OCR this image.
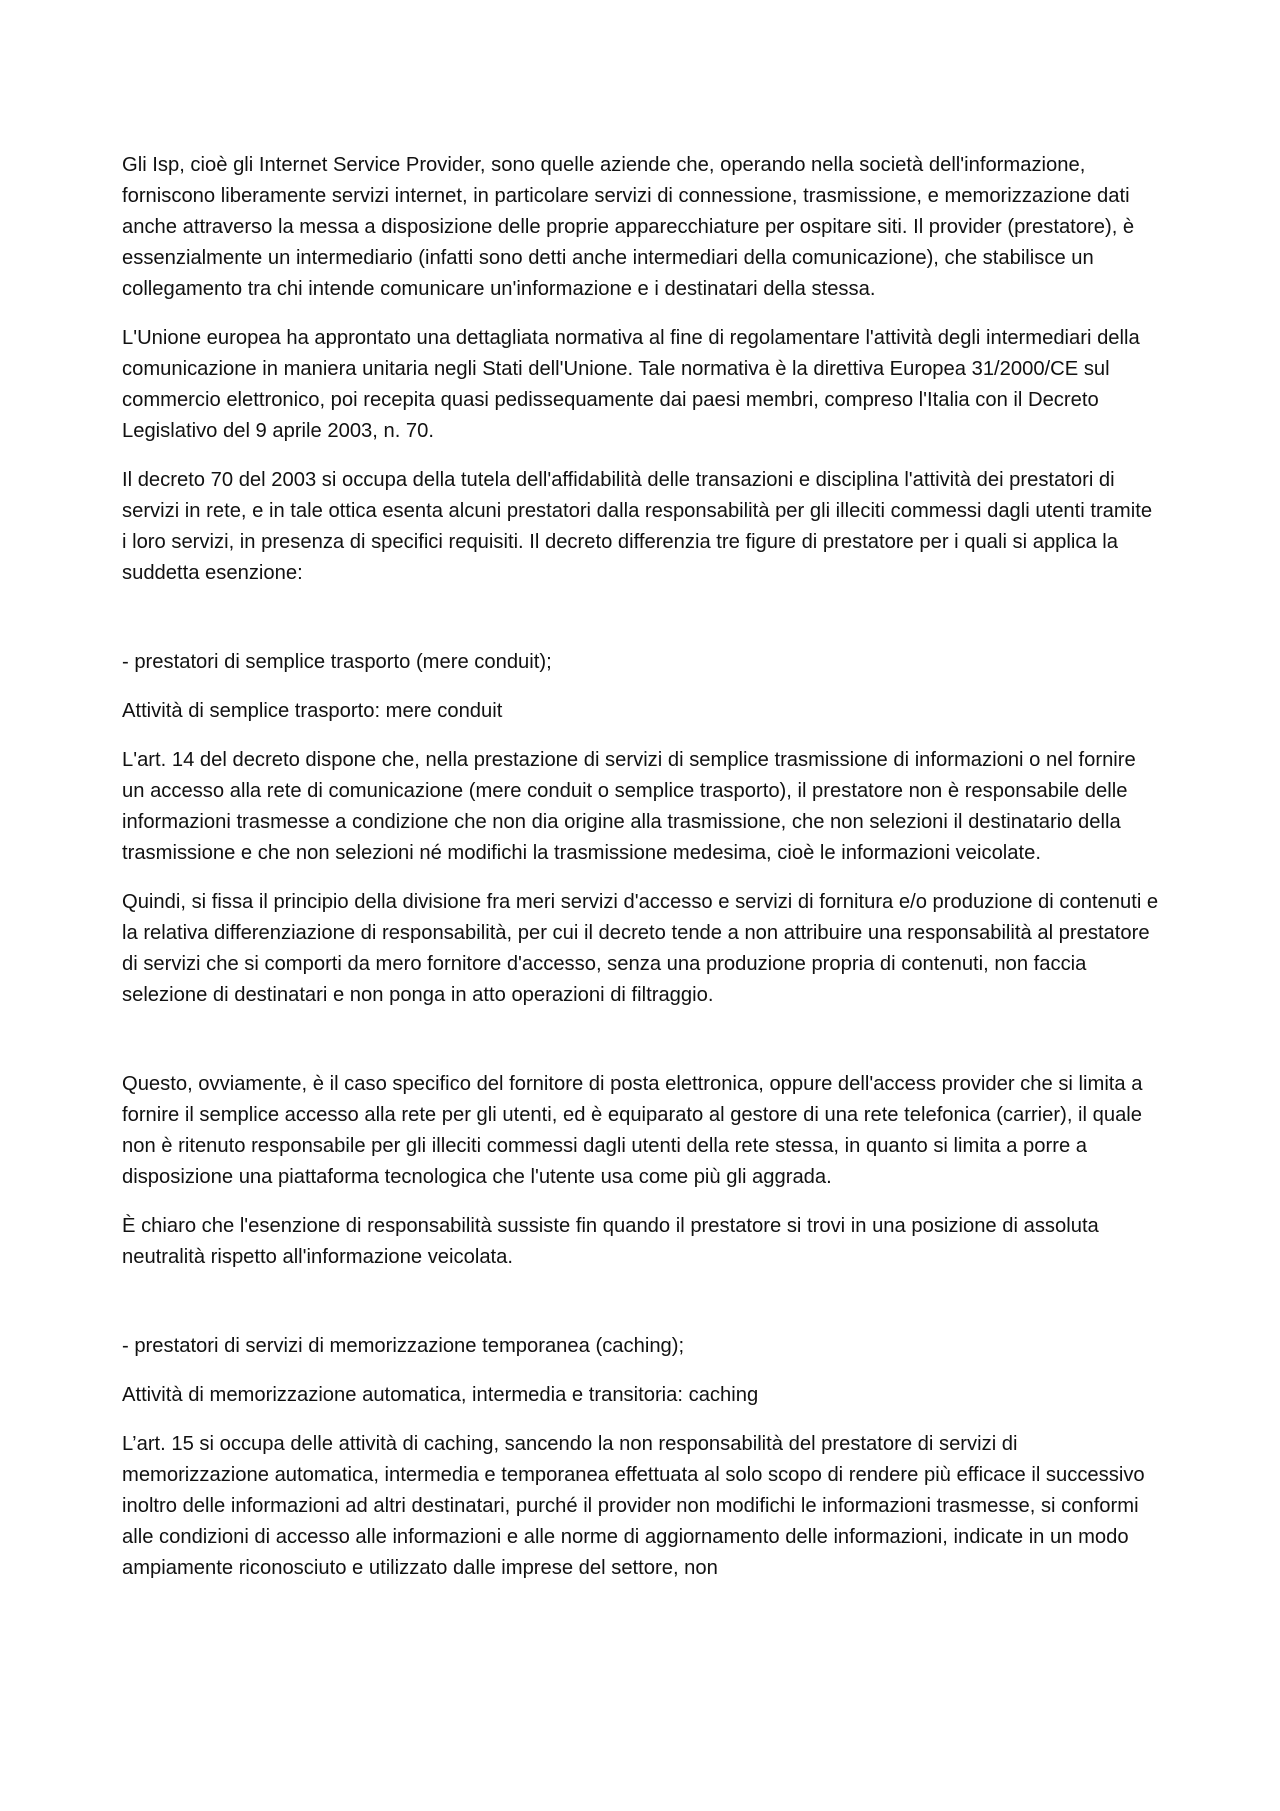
Gli Isp, cioè gli Internet Service Provider, sono quelle aziende che, operando nella società dell'informazione, forniscono liberamente servizi internet, in particolare servizi di connessione, trasmissione, e memorizzazione dati anche attraverso la messa a disposizione delle proprie apparecchiature per ospitare siti. Il provider (prestatore), è essenzialmente un intermediario (infatti sono detti anche intermediari della comunicazione), che stabilisce un collegamento tra chi intende comunicare un'informazione e i destinatari della stessa.

L'Unione europea ha approntato una dettagliata normativa al fine di regolamentare l'attività degli intermediari della comunicazione in maniera unitaria negli Stati dell'Unione. Tale normativa è la direttiva Europea 31/2000/CE sul commercio elettronico, poi recepita quasi pedissequamente dai paesi membri, compreso l'Italia con il Decreto Legislativo del 9 aprile 2003, n. 70.

Il decreto 70 del 2003 si occupa della tutela dell'affidabilità delle transazioni e disciplina l'attività dei prestatori di servizi in rete, e in tale ottica esenta alcuni prestatori dalla responsabilità per gli illeciti commessi dagli utenti tramite i loro servizi, in presenza di specifici requisiti. Il decreto differenzia tre figure di prestatore per i quali si applica la suddetta esenzione:

- prestatori di semplice trasporto (mere conduit);

Attività di semplice trasporto: mere conduit

L'art. 14 del decreto dispone che, nella prestazione di servizi di semplice trasmissione di informazioni o nel fornire un accesso alla rete di comunicazione (mere conduit o semplice trasporto), il prestatore non è responsabile delle informazioni trasmesse a condizione che non dia origine alla trasmissione, che non selezioni il destinatario della trasmissione e che non selezioni né modifichi la trasmissione medesima, cioè le informazioni veicolate.

Quindi, si fissa il principio della divisione fra meri servizi d'accesso e servizi di fornitura e/o produzione di contenuti e la relativa differenziazione di responsabilità, per cui il decreto tende a non attribuire una responsabilità al prestatore di servizi che si comporti da mero fornitore d'accesso, senza una produzione propria di contenuti, non faccia selezione di destinatari e non ponga in atto operazioni di filtraggio.

Questo, ovviamente, è il caso specifico del fornitore di posta elettronica, oppure dell'access provider che si limita a fornire il semplice accesso alla rete per gli utenti, ed è equiparato al gestore di una rete telefonica (carrier), il quale non è ritenuto responsabile per gli illeciti commessi dagli utenti della rete stessa, in quanto si limita a porre a disposizione una piattaforma tecnologica che l'utente usa come più gli aggrada.

È chiaro che l'esenzione di responsabilità sussiste fin quando il prestatore si trovi in una posizione di assoluta neutralità rispetto all'informazione veicolata.

- prestatori di servizi di memorizzazione temporanea (caching);

Attività di memorizzazione automatica, intermedia e transitoria: caching

L’art. 15 si occupa delle attività di caching, sancendo la non responsabilità del prestatore di servizi di memorizzazione automatica, intermedia e temporanea effettuata al solo scopo di rendere più efficace il successivo inoltro delle informazioni ad altri destinatari, purché il provider non modifichi le informazioni trasmesse, si conformi alle condizioni di accesso alle informazioni e alle norme di aggiornamento delle informazioni, indicate in un modo ampiamente riconosciuto e utilizzato dalle imprese del settore, non
